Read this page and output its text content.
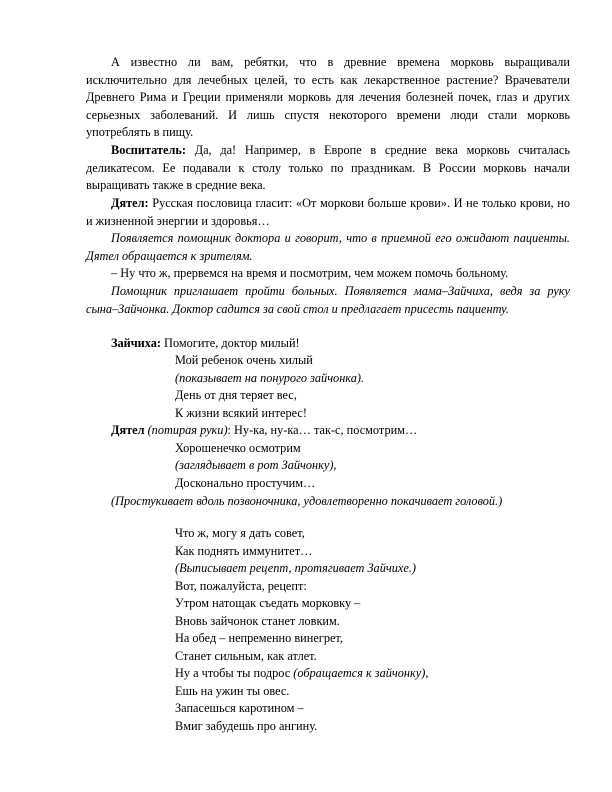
А известно ли вам, ребятки, что в древние времена морковь выращивали исключительно для лечебных целей, то есть как лекарственное растение? Врачеватели Древнего Рима и Греции применяли морковь для лечения болезней почек, глаз и других серьезных заболеваний. И лишь спустя некоторого времени люди стали морковь употреблять в пищу.

Воспитатель: Да, да! Например, в Европе в средние века морковь считалась деликатесом. Ее подавали к столу только по праздникам. В России морковь начали выращивать также в средние века.

Дятел: Русская пословица гласит: «От моркови больше крови». И не только крови, но и жизненной энергии и здоровья…

Появляется помощник доктора и говорит, что в приемной его ожидают пациенты. Дятел обращается к зрителям.

– Ну что ж, прервемся на время и посмотрим, чем можем помочь больному.

Помощник приглашает пройти больных. Появляется мама–Зайчиха, ведя за руку сына–Зайчонка. Доктор садится за свой стол и предлагает присесть пациенту.

Зайчиха: Помогите, доктор милый!

Мой ребенок очень хилый

(показывает на понурого зайчонка).

День от дня теряет вес,

К жизни всякий интерес!

Дятел (потирая руки): Ну-ка, ну-ка… так-с, посмотрим…

Хорошенечко осмотрим

(заглядывает в рот Зайчонку),

Досконально простучим…

(Простукивает вдоль позвоночника, удовлетворенно покачивает головой.)

Что ж, могу я дать совет,

Как поднять иммунитет…

(Выписывает рецепт, протягивает Зайчихе.)

Вот, пожалуйста, рецепт:

Утром натощак съедать морковку –

Вновь зайчонок станет ловким.

На обед – непременно винегрет,

Станет сильным, как атлет.

Ну а чтобы ты подрос (обращается к зайчонку),

Ешь на ужин ты овес.

Запасешься каротином –

Вмиг забудешь про ангину.
